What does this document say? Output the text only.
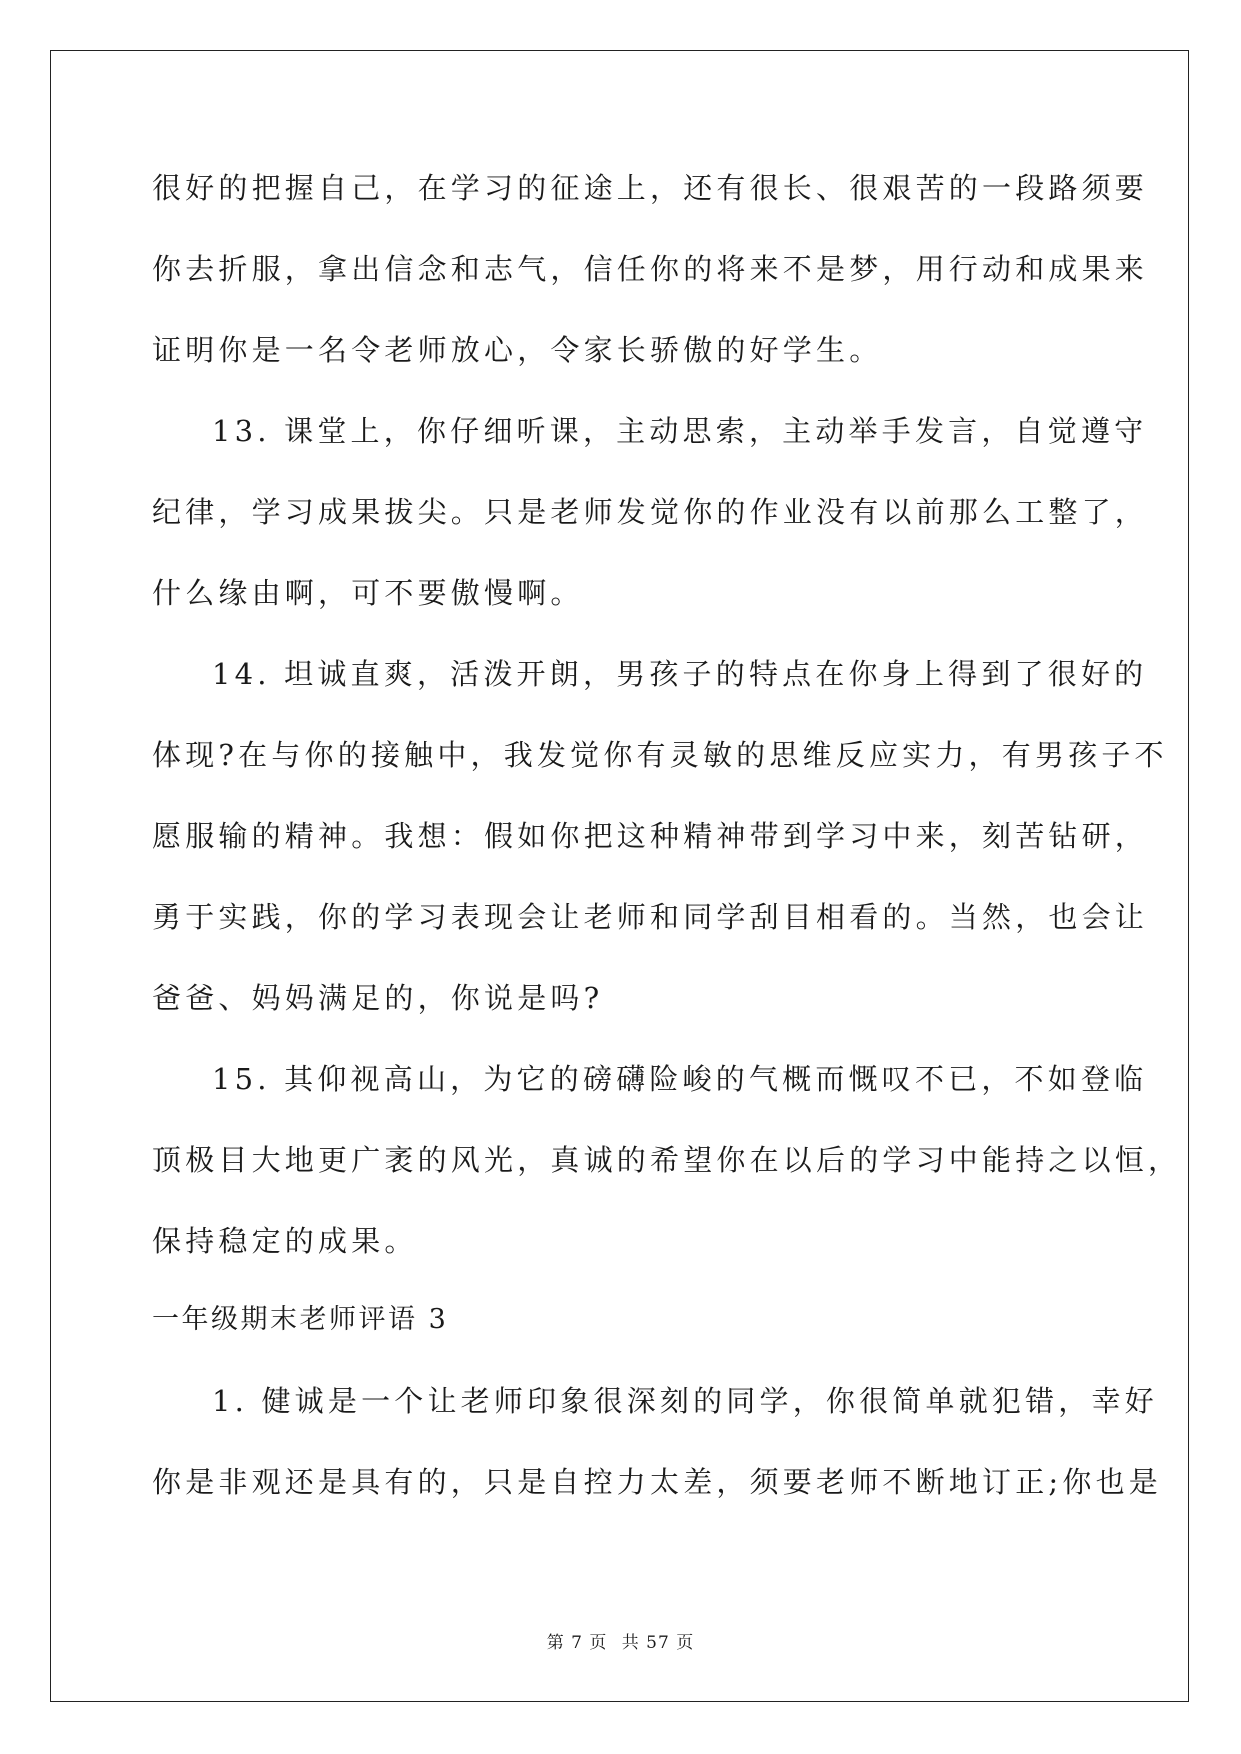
很好的把握自己，在学习的征途上，还有很长、很艰苦的一段路须要
你去折服，拿出信念和志气，信任你的将来不是梦，用行动和成果来
证明你是一名令老师放心，令家长骄傲的好学生。
13. 课堂上，你仔细听课，主动思索，主动举手发言，自觉遵守
纪律，学习成果拔尖。只是老师发觉你的作业没有以前那么工整了，
什么缘由啊，可不要傲慢啊。
14. 坦诚直爽，活泼开朗，男孩子的特点在你身上得到了很好的
体现?在与你的接触中，我发觉你有灵敏的思维反应实力，有男孩子不
愿服输的精神。我想：假如你把这种精神带到学习中来，刻苦钻研，
勇于实践，你的学习表现会让老师和同学刮目相看的。当然，也会让
爸爸、妈妈满足的，你说是吗?
15. 其仰视高山，为它的磅礴险峻的气概而慨叹不已，不如登临
顶极目大地更广袤的风光，真诚的希望你在以后的学习中能持之以恒，
保持稳定的成果。
一年级期末老师评语 3
1. 健诚是一个让老师印象很深刻的同学，你很简单就犯错，幸好
你是非观还是具有的，只是自控力太差，须要老师不断地订正;你也是
第 7 页 共 57 页
